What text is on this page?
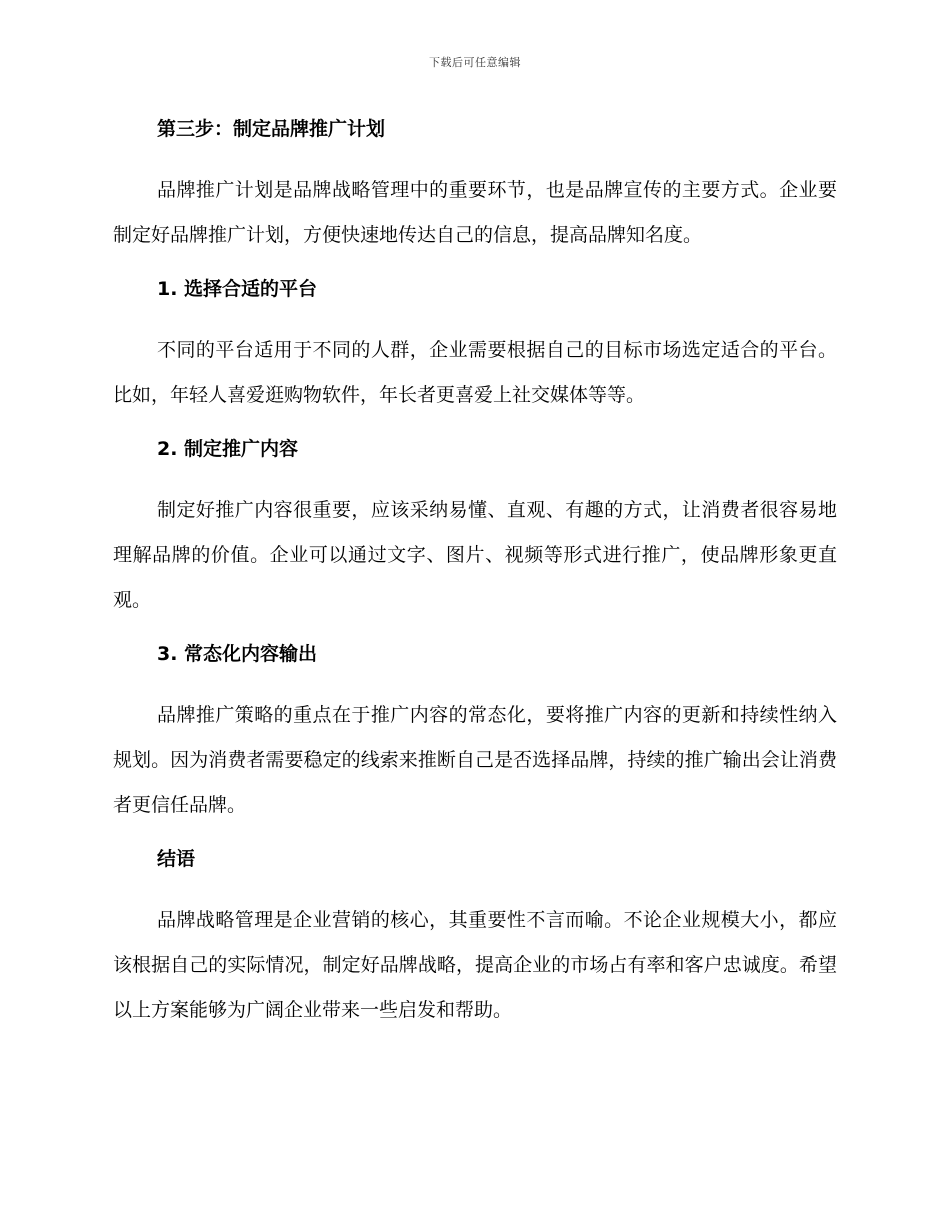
下载后可任意编辑
第三步：制定品牌推广计划

品牌推广计划是品牌战略管理中的重要环节，也是品牌宣传的主要方式。企业要制定好品牌推广计划，方便快速地传达自己的信息，提高品牌知名度。

1. 选择合适的平台

不同的平台适用于不同的人群，企业需要根据自己的目标市场选定适合的平台。比如，年轻人喜爱逛购物软件，年长者更喜爱上社交媒体等等。

2. 制定推广内容

制定好推广内容很重要，应该采纳易懂、直观、有趣的方式，让消费者很容易地理解品牌的价值。企业可以通过文字、图片、视频等形式进行推广，使品牌形象更直观。

3. 常态化内容输出

品牌推广策略的重点在于推广内容的常态化，要将推广内容的更新和持续性纳入规划。因为消费者需要稳定的线索来推断自己是否选择品牌，持续的推广输出会让消费者更信任品牌。

结语

品牌战略管理是企业营销的核心，其重要性不言而喻。不论企业规模大小，都应该根据自己的实际情况，制定好品牌战略，提高企业的市场占有率和客户忠诚度。希望以上方案能够为广阔企业带来一些启发和帮助。
